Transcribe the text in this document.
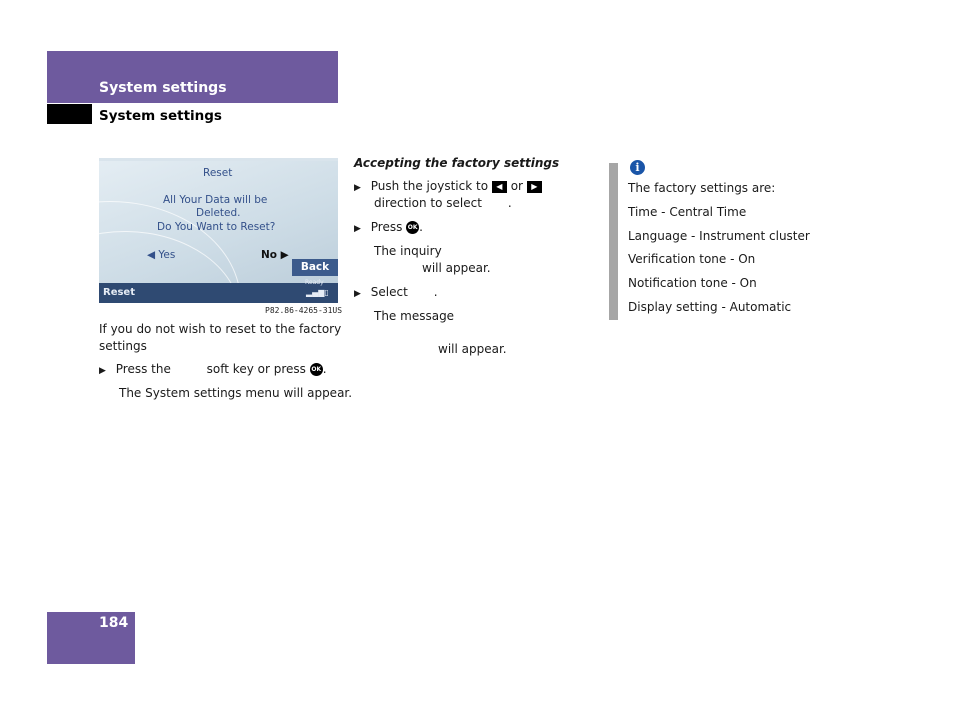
System settings
System settings
Reset
All Your Data will be
Deleted.
Do You Want to Reset?
◀ Yes	No ▶
Back
Reset
Ready
▂▄▆▯
P82.86-4265-31US
If you do not wish to reset to the factory
settings
▶ Press the	soft key or press OK .
The System settings menu will appear.
Accepting the factory settings
▶ Push the joystick to ◀ or ▶
direction to select .
▶ Press OK .
The inquiry
will appear.
▶ Select .
The message
will appear.
i
The factory settings are:
Time - Central Time
Language - Instrument cluster
Verification tone - On
Notification tone - On
Display setting - Automatic
184
